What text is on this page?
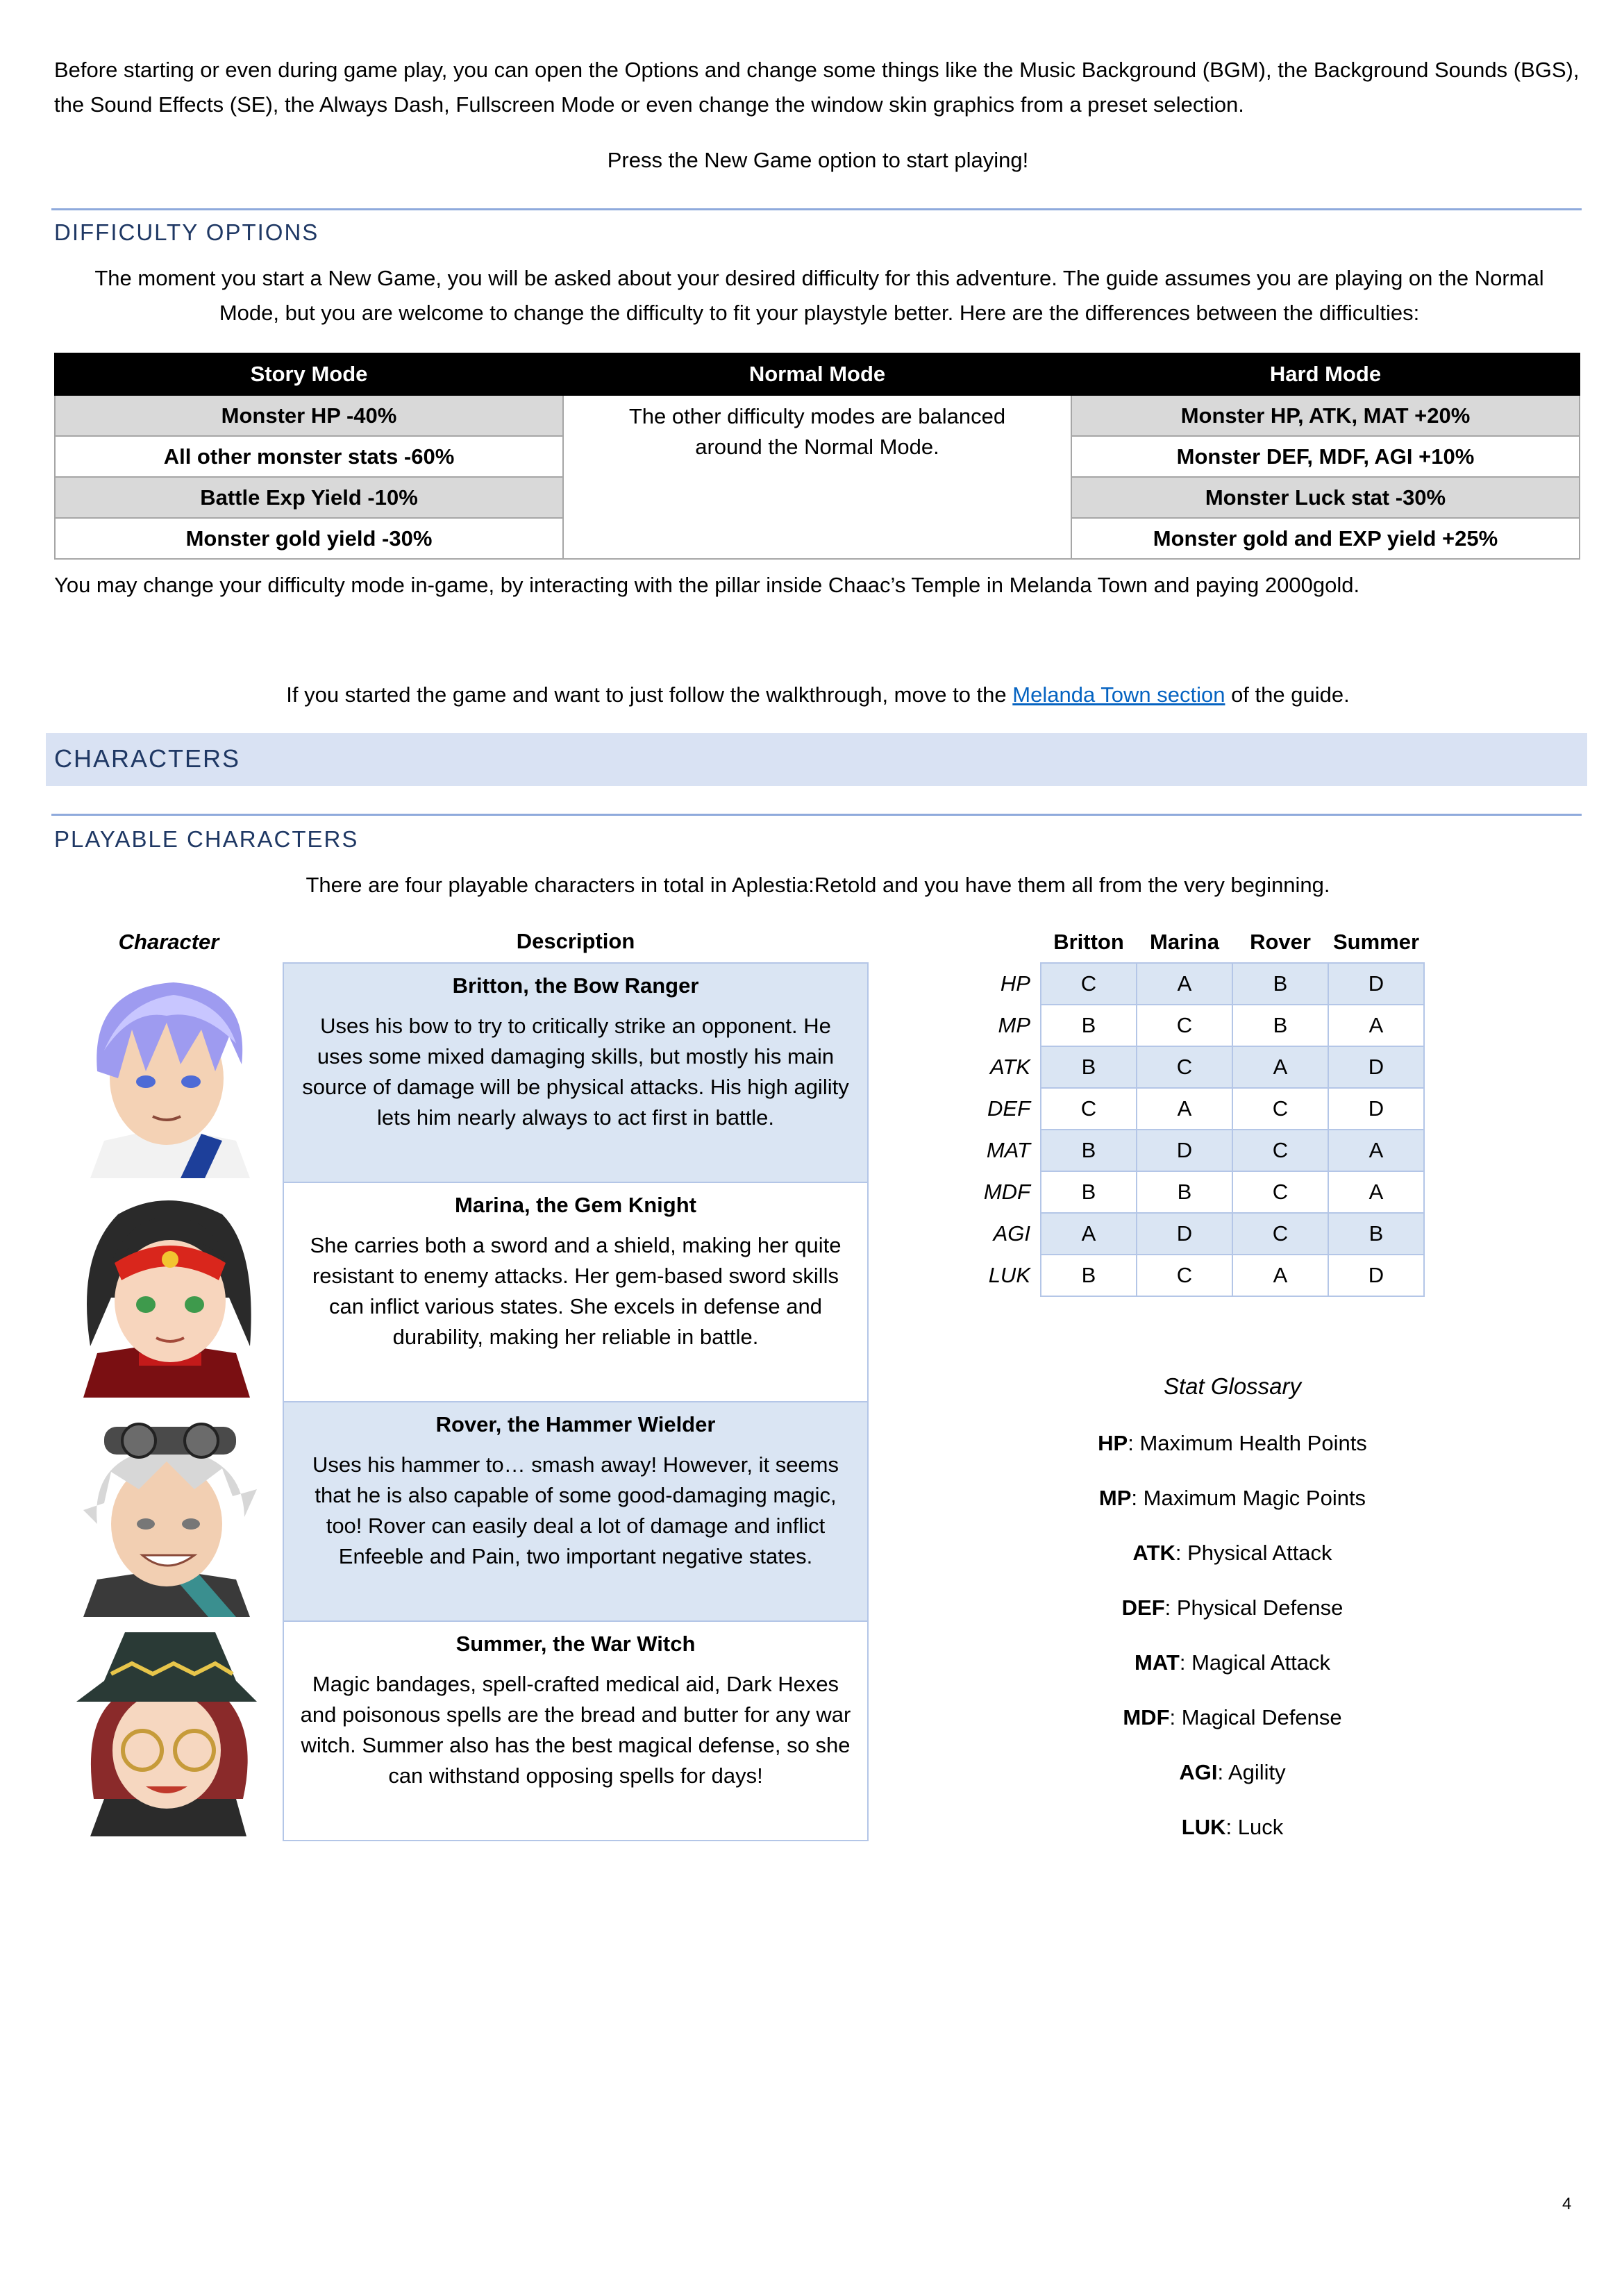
Before starting or even during game play, you can open the Options and change some things like the Music Background (BGM), the Background Sounds (BGS), the Sound Effects (SE), the Always Dash, Fullscreen Mode or even change the window skin graphics from a preset selection.
Press the New Game option to start playing!
DIFFICULTY OPTIONS
The moment you start a New Game, you will be asked about your desired difficulty for this adventure. The guide assumes you are playing on the Normal Mode, but you are welcome to change the difficulty to fit your playstyle better. Here are the differences between the difficulties:
Story Mode	Normal Mode	Hard Mode
Monster HP -40%	The other difficulty modes are balanced around the Normal Mode.	Monster HP, ATK, MAT +20%
All other monster stats -60%		Monster DEF, MDF, AGI +10%
Battle Exp Yield -10%		Monster Luck stat -30%
Monster gold yield -30%		Monster gold and EXP yield +25%
You may change your difficulty mode in-game, by interacting with the pillar inside Chaac’s Temple in Melanda Town and paying 2000gold.
If you started the game and want to just follow the walkthrough, move to the Melanda Town section of the guide.
CHARACTERS
PLAYABLE CHARACTERS
There are four playable characters in total in Aplestia:Retold and you have them all from the very beginning.
Character	Description

Britton, the Bow Ranger
Uses his bow to try to critically strike an opponent. He uses some mixed damaging skills, but mostly his main source of damage will be physical attacks. His high agility lets him nearly always to act first in battle.

Marina, the Gem Knight
She carries both a sword and a shield, making her quite resistant to enemy attacks. Her gem-based sword skills can inflict various states. She excels in defense and durability, making her reliable in battle.

Rover, the Hammer Wielder
Uses his hammer to… smash away! However, it seems that he is also capable of some good-damaging magic, too! Rover can easily deal a lot of damage and inflict Enfeeble and Pain, two important negative states.

Summer, the War Witch
Magic bandages, spell-crafted medical aid, Dark Hexes and poisonous spells are the bread and butter for any war witch. Summer also has the best magical defense, so she can withstand opposing spells for days!
	Britton	Marina	Rover	Summer
HP	C	A	B	D
MP	B	C	B	A
ATK	B	C	A	D
DEF	C	A	C	D
MAT	B	D	C	A
MDF	B	B	C	A
AGI	A	D	C	B
LUK	B	C	A	D
Stat Glossary
HP: Maximum Health Points
MP: Maximum Magic Points
ATK: Physical Attack
DEF: Physical Defense
MAT: Magical Attack
MDF: Magical Defense
AGI: Agility
LUK: Luck
4
